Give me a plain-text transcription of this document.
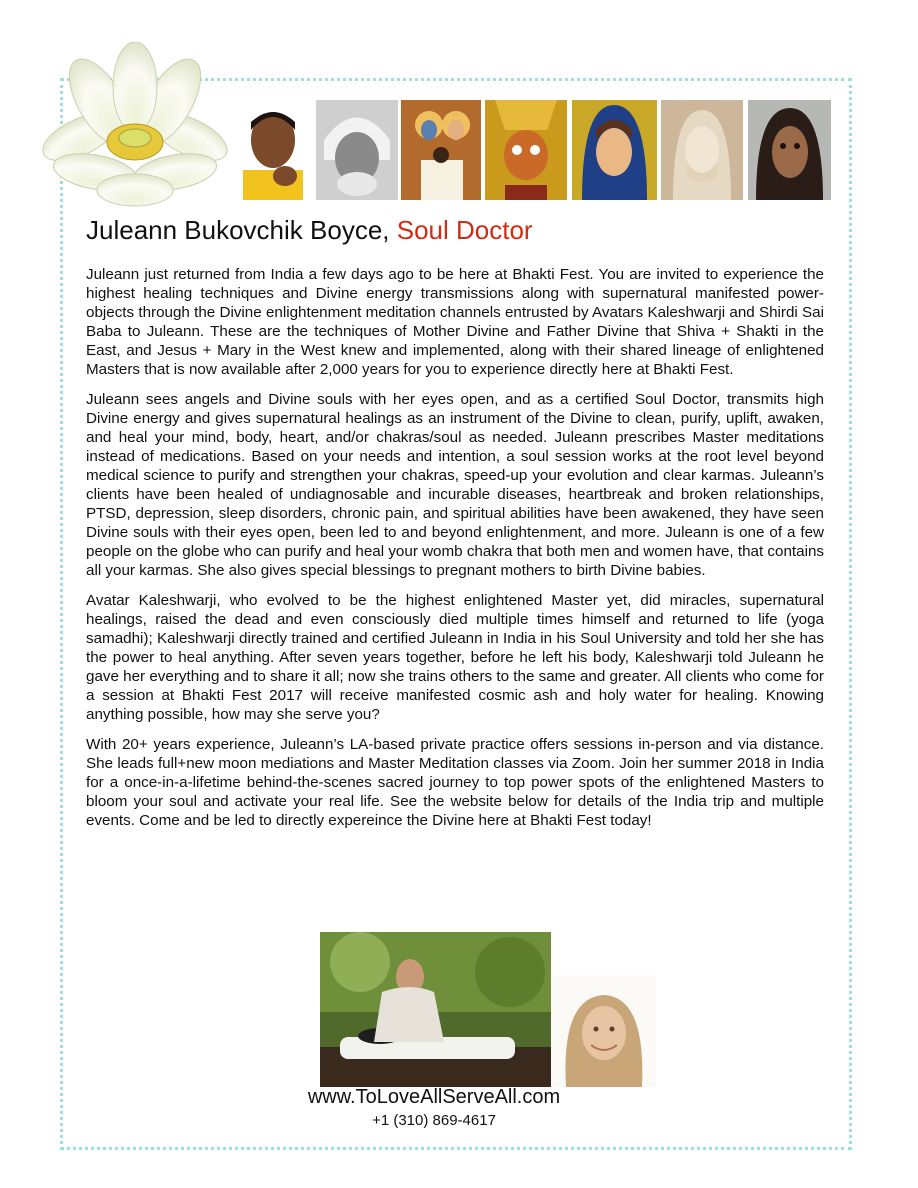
Juleann Bukovchik Boyce, Soul Doctor

Juleann just returned from India a few days ago to be here at Bhakti Fest. You are invited to experience the highest healing techniques and Divine energy transmissions along with supernatural manifested power-objects through the Divine enlightenment meditation channels entrusted by Avatars Kaleshwarji and Shirdi Sai Baba to Juleann. These are the techniques of Mother Divine and Father Divine that Shiva + Shakti in the East, and Jesus + Mary in the West knew and implemented, along with their shared lineage of enlightened Masters that is now available after 2,000 years for you to experience directly here at Bhakti Fest.

Juleann sees angels and Divine souls with her eyes open, and as a certified Soul Doctor, transmits high Divine energy and gives supernatural healings as an instrument of the Divine to clean, purify, uplift, awaken, and heal your mind, body, heart, and/or chakras/soul as needed. Juleann prescribes Master meditations instead of medications. Based on your needs and intention, a soul session works at the root level beyond medical science to purify and strengthen your chakras, speed-up your evolution and clear karmas. Juleann’s clients have been healed of undiagnosable and incurable diseases, heartbreak and broken relationships, PTSD, depression, sleep disorders, chronic pain, and spiritual abilities have been awakened, they have seen Divine souls with their eyes open, been led to and beyond enlightenment, and more. Juleann is one of a few people on the globe who can purify and heal your womb chakra that both men and women have, that contains all your karmas. She also gives special blessings to pregnant mothers to birth Divine babies.

Avatar Kaleshwarji, who evolved to be the highest enlightened Master yet, did miracles, supernatural healings, raised the dead and even consciously died multiple times himself and returned to life (yoga samadhi); Kaleshwarji directly trained and certified Juleann in India in his Soul University and told her she has the power to heal anything. After seven years together, before he left his body, Kaleshwarji told Juleann he gave her everything and to share it all; now she trains others to the same and greater. All clients who come for a session at Bhakti Fest 2017 will receive manifested cosmic ash and holy water for healing. Knowing anything possible, how may she serve you?

With 20+ years experience, Juleann’s LA-based private practice offers sessions in-person and via distance. She leads full+new moon mediations and Master Meditation classes via Zoom. Join her summer 2018 in India for a once-in-a-lifetime behind-the-scenes sacred journey to top power spots of the enlightened Masters to bloom your soul and activate your real life. See the website below for details of the India trip and multiple events. Come and be led to directly expereince the Divine here at Bhakti Fest today!

www.ToLoveAllServeAll.com
+1 (310) 869-4617
